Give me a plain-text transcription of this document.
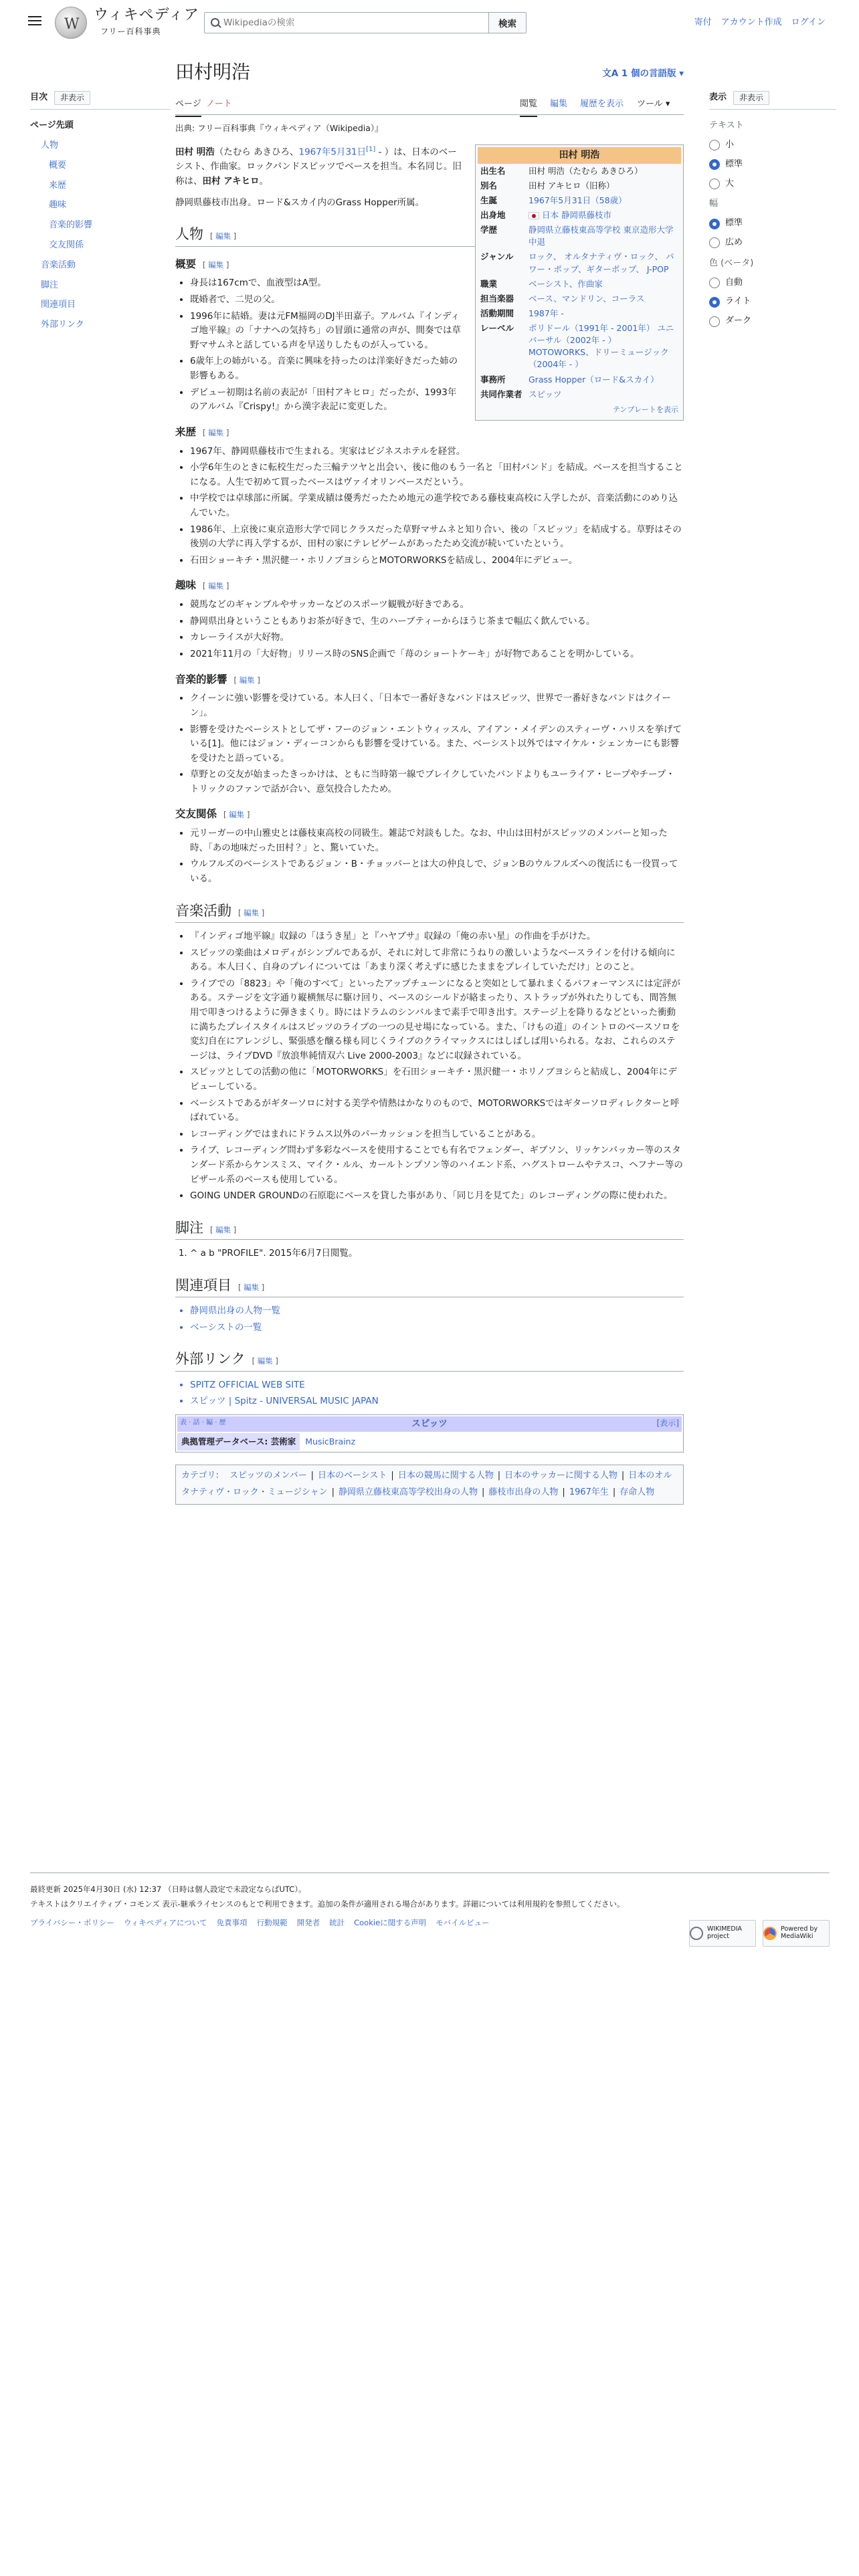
W
ウィキペディア
フリー百科事典
Wikipediaの検索
検索	寄付 アカウント作成 ログイン
目次	非表示
ページ先頭
人物
概要
来歴
趣味
音楽的影響
交友関係
音楽活動
脚注
関連項目
外部リンク
表示	非表示
テキスト
小
標準
大
幅
標準
広め
色 (ベータ)
自動
ライト
ダーク
田村明浩	文A 1 個の言語版 ▾
ページ ノート	閲覧 編集 履歴を表示 ツール ▾
出典: フリー百科事典『ウィキペディア（Wikipedia）』
田村 明浩
出生名	田村 明浩（たむら あきひろ）
別名	田村 アキヒロ（旧称）
生誕	1967年5月31日（58歳）
出身地	日本 静岡県藤枝市
学歴	静岡県立藤枝東高等学校 東京造形大学中退
ジャンル	ロック、 オルタナティヴ・ロック、 パワー・ポップ、ギターポップ、 J-POP
職業	ベーシスト、作曲家
担当楽器	ベース、マンドリン、コーラス
活動期間	1987年 -
レーベル	ポリドール（1991年 - 2001年） ユニバーサル（2002年 - ） MOTOWORKS、ドリーミュージック（2004年 - ）
事務所	Grass Hopper（ロード&スカイ）
共同作業者	スピッツ
テンプレートを表示

田村 明浩（たむら あきひろ、1967年5月31日[1] - ）は、日本のベーシスト、作曲家。ロックバンドスピッツでベースを担当。本名同じ。旧称は、田村 アキヒロ。

静岡県藤枝市出身。ロード&スカイ内のGrass Hopper所属。

人物 [ 編集 ]
概要 [ 編集 ]
• 身長は167cmで、血液型はA型。
• 既婚者で、二児の父。
• 1996年に結婚。妻は元FM福岡のDJ半田嘉子。アルバム『インディゴ地平線』の「ナナへの気持ち」の冒頭に通常の声が、間奏では草野マサムネと話している声を早送りしたものが入っている。
• 6歳年上の姉がいる。音楽に興味を持ったのは洋楽好きだった姉の影響もある。
• デビュー初期は名前の表記が「田村アキヒロ」だったが、1993年のアルバム『Crispy!』から漢字表記に変更した。
来歴 [ 編集 ]
• 1967年、静岡県藤枝市で生まれる。実家はビジネスホテルを経営。
• 小学6年生のときに転校生だった三輪テツヤと出会い、後に他のもう一名と「田村バンド」を結成。ベースを担当することになる。人生で初めて買ったベースはヴァイオリンベースだという。
• 中学校では卓球部に所属。学業成績は優秀だったため地元の進学校である藤枝東高校に入学したが、音楽活動にのめり込んでいた。
• 1986年、上京後に東京造形大学で同じクラスだった草野マサムネと知り合い、後の「スピッツ」を結成する。草野はその後別の大学に再入学するが、田村の家にテレビゲームがあったため交流が続いていたという。
• 石田ショーキチ・黒沢健一・ホリノブヨシらとMOTORWORKSを結成し、2004年にデビュー。
趣味 [ 編集 ]
• 競馬などのギャンブルやサッカーなどのスポーツ観戦が好きである。
• 静岡県出身ということもありお茶が好きで、生のハーブティーからほうじ茶まで幅広く飲んでいる。
• カレーライスが大好物。
• 2021年11月の「大好物」リリース時のSNS企画で「苺のショートケーキ」が好物であることを明かしている。
音楽的影響 [ 編集 ]
• クイーンに強い影響を受けている。本人曰く、「日本で一番好きなバンドはスピッツ、世界で一番好きなバンドはクイーン」。
• 影響を受けたベーシストとしてザ・フーのジョン・エントウィッスル、アイアン・メイデンのスティーヴ・ハリスを挙げている[1]。他にはジョン・ディーコンからも影響を受けている。また、ベーシスト以外ではマイケル・シェンカーにも影響を受けたと語っている。
• 草野との交友が始まったきっかけは、ともに当時第一線でブレイクしていたバンドよりもユーライア・ヒープやチープ・トリックのファンで話が合い、意気投合したため。
交友関係 [ 編集 ]
• 元リーガーの中山雅史とは藤枝東高校の同級生。雑誌で対談もした。なお、中山は田村がスピッツのメンバーと知った時、「あの地味だった田村？」と、驚いていた。
• ウルフルズのベーシストであるジョン・B・チョッパーとは大の仲良しで、ジョンBのウルフルズへの復活にも一役買っている。
音楽活動 [ 編集 ]
• 『インディゴ地平線』収録の「ほうき星」と『ハヤブサ』収録の「俺の赤い星」の作曲を手がけた。
• スピッツの楽曲はメロディがシンプルであるが、それに対して非常にうねりの激しいようなベースラインを付ける傾向にある。本人曰く、自身のプレイについては「あまり深く考えずに感じたままをプレイしていただけ」とのこと。
• ライブでの「8823」や「俺のすべて」といったアップチューンになると突如として暴れまくるパフォーマンスには定評がある。ステージを文字通り縦横無尽に駆け回り、ベースのシールドが絡まったり、ストラップが外れたりしても、間答無用で叩きつけるように弾きまくり。時にはドラムのシンバルまで素手で叩き出す。ステージ上を降りるなどといった衝動に満ちたプレイスタイルはスピッツのライブの一つの見せ場になっている。また、「けもの道」のイントロのベースソロを変幻自在にアレンジし、緊張感を醸る様も同じくライブのクライマックスにはしばしば用いられる。なお、これらのステージは、ライブDVD『放浪隼純情双六 Live 2000-2003』などに収録されている。
• スピッツとしての活動の他に「MOTORWORKS」を石田ショーキチ・黒沢健一・ホリノブヨシらと結成し、2004年にデビューしている。
• ベーシストであるがギターソロに対する美学や情熱はかなりのもので、MOTORWORKSではギターソロディレクターと呼ばれている。
• レコーディングではまれにドラムス以外のパーカッションを担当していることがある。
• ライブ、レコーディング問わず多彩なベースを使用することでも有名でフェンダー、ギブソン、リッケンバッカー等のスタンダード系からケンスミス、マイク・ルル、カールトンプソン等のハイエンド系、ハグストロームやテスコ、ヘフナー等のビザール系のベースも使用している。
• GOING UNDER GROUNDの石原聡にベースを貸した事があり、「同じ月を見てた」のレコーディングの際に使われた。
脚注 [ 編集 ]
1. ^ a b "PROFILE". 2015年6月7日閲覧。
関連項目 [ 編集 ]
• 静岡県出身の人物一覧
• ベーシストの一覧
外部リンク [ 編集 ]
• SPITZ OFFICIAL WEB SITE
• スピッツ | Spitz - UNIVERSAL MUSIC JAPAN
表 · 話 · 編 · 歴	スピッツ	[表示]
典拠管理データベース: 芸術家	MusicBrainz
カテゴリ: スピッツのメンバー | 日本のベーシスト | 日本の競馬に関する人物 | 日本のサッカーに関する人物 | 日本のオルタナティヴ・ロック・ミュージシャン | 静岡県立藤枝東高等学校出身の人物 | 藤枝市出身の人物 | 1967年生 | 存命人物
最終更新 2025年4月30日 (水) 12:37 （日時は個人設定で未設定ならばUTC）。
テキストはクリエイティブ・コモンズ 表示-継承ライセンスのもとで利用できます。追加の条件が適用される場合があります。詳細については利用規約を参照してください。
プライバシー・ポリシー ウィキペディアについて 免責事項 行動規範 開発者 統計 Cookieに関する声明 モバイルビュー
WIKIMEDIA project
Powered by MediaWiki
